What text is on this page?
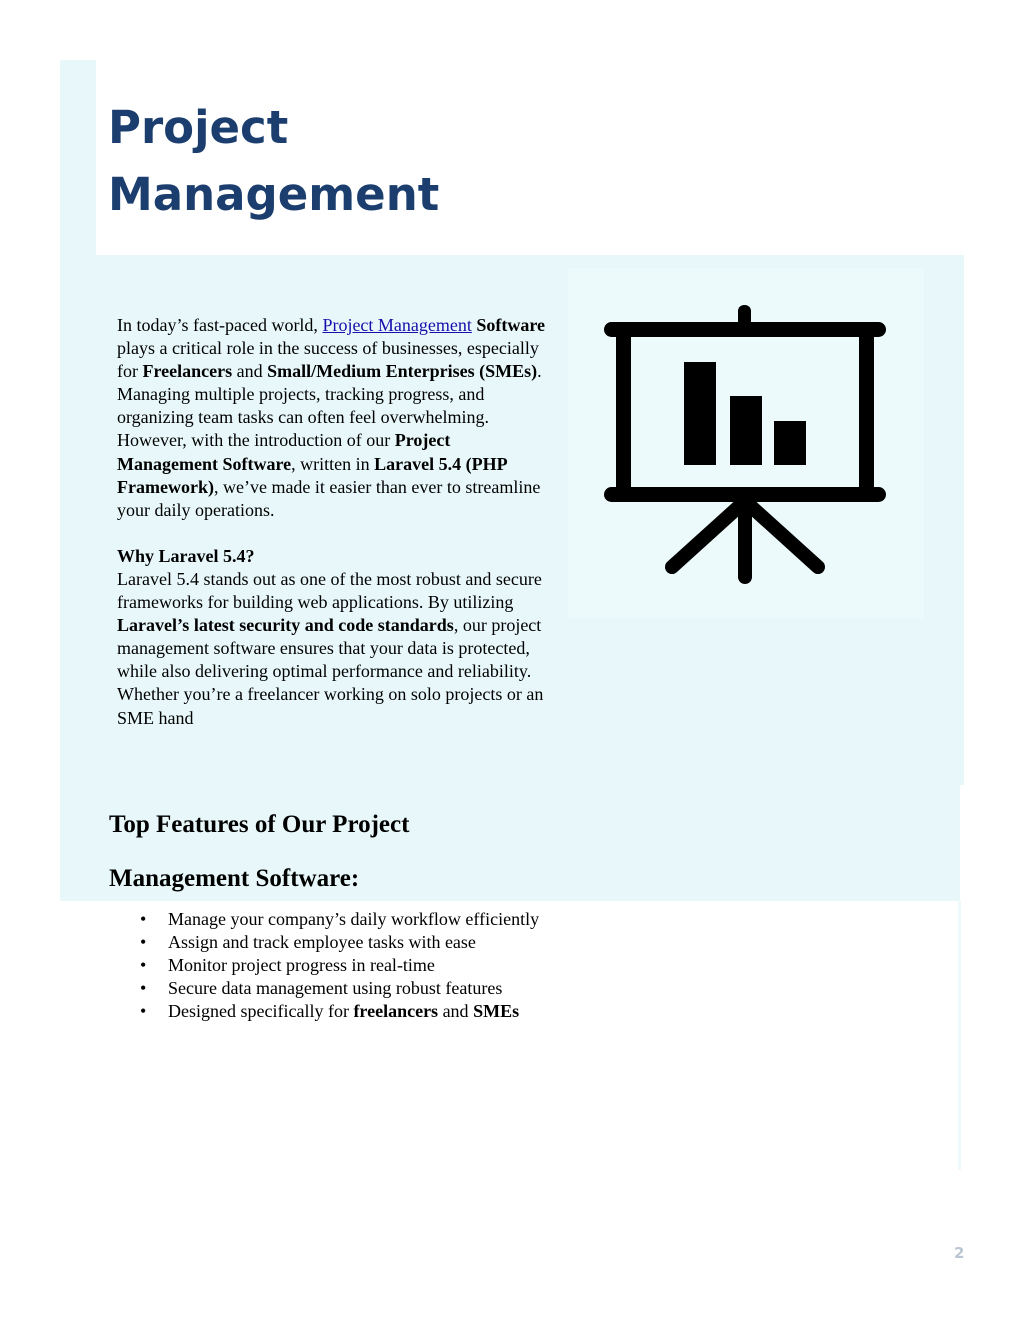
Project
Management

In today’s fast-paced world, Project Management Software plays a critical role in the success of businesses, especially for Freelancers and Small/Medium Enterprises (SMEs). Managing multiple projects, tracking progress, and organizing team tasks can often feel overwhelming. However, with the introduction of our Project Management Software, written in Laravel 5.4 (PHP Framework), we’ve made it easier than ever to streamline your daily operations.

Why Laravel 5.4?
Laravel 5.4 stands out as one of the most robust and secure frameworks for building web applications. By utilizing Laravel’s latest security and code standards, our project management software ensures that your data is protected, while also delivering optimal performance and reliability. Whether you’re a freelancer working on solo projects or an SME hand

Top Features of Our Project
Management Software:
• Manage your company’s daily workflow efficiently
• Assign and track employee tasks with ease
• Monitor project progress in real-time
• Secure data management using robust features
• Designed specifically for freelancers and SMEs
2
